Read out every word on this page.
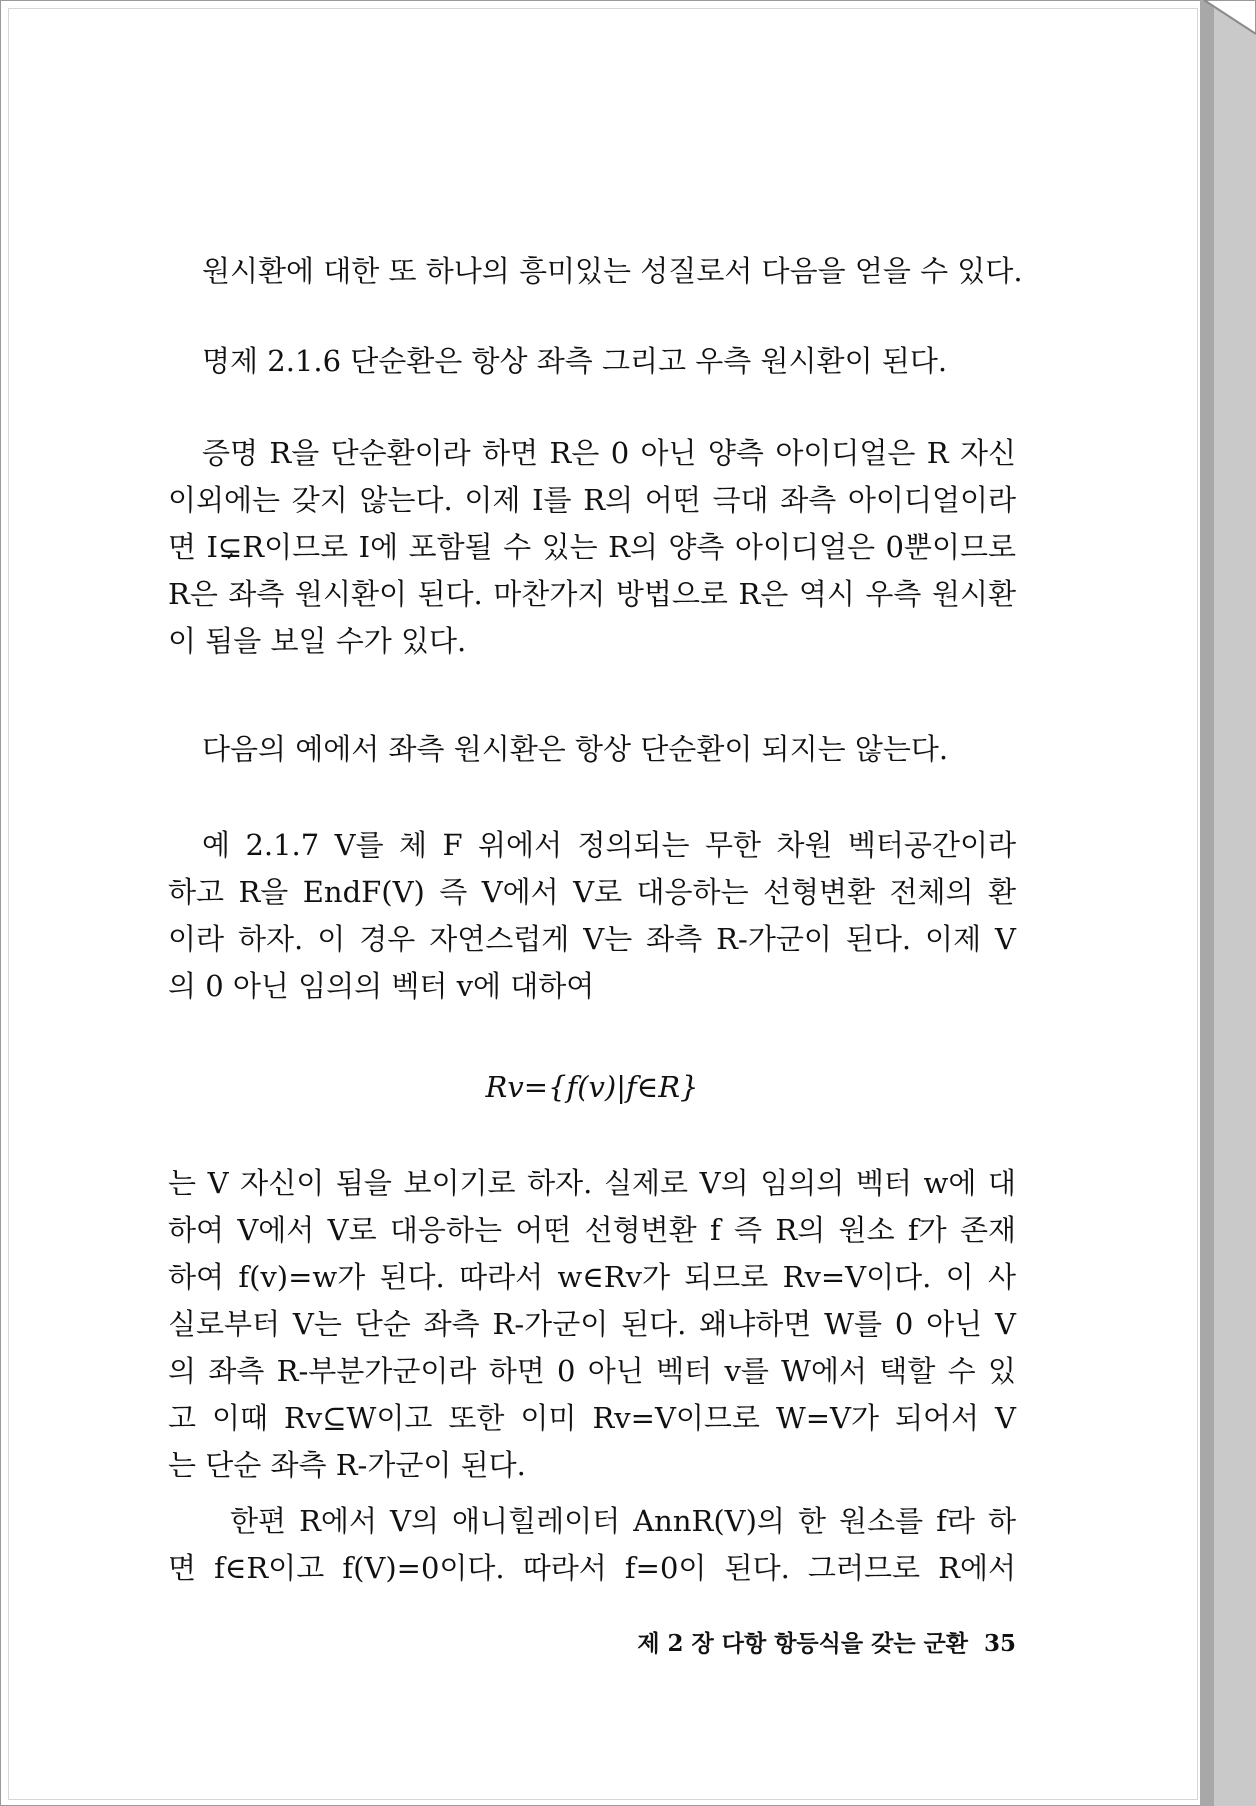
원시환에 대한 또 하나의 흥미있는 성질로서 다음을 얻을 수 있다.
명제 2.1.6 단순환은 항상 좌측 그리고 우측 원시환이 된다.
증명 R을 단순환이라 하면 R은 0 아닌 양측 아이디얼은 R 자신
이외에는 갖지 않는다. 이제 I를 R의 어떤 극대 좌측 아이디얼이라
면 I⊊R이므로 I에 포함될 수 있는 R의 양측 아이디얼은 0뿐이므로
R은 좌측 원시환이 된다. 마찬가지 방법으로 R은 역시 우측 원시환
이 됨을 보일 수가 있다.
다음의 예에서 좌측 원시환은 항상 단순환이 되지는 않는다.
예 2.1.7 V를 체 F 위에서 정의되는 무한 차원 벡터공간이라
하고 R을 EndF(V) 즉 V에서 V로 대응하는 선형변환 전체의 환
이라 하자. 이 경우 자연스럽게 V는 좌측 R-가군이 된다. 이제 V
의 0 아닌 임의의 벡터 v에 대하여
Rv={f(v)|f∈R}
는 V 자신이 됨을 보이기로 하자. 실제로 V의 임의의 벡터 w에 대
하여 V에서 V로 대응하는 어떤 선형변환 f 즉 R의 원소 f가 존재
하여 f(v)=w가 된다. 따라서 w∈Rv가 되므로 Rv=V이다. 이 사
실로부터 V는 단순 좌측 R-가군이 된다. 왜냐하면 W를 0 아닌 V
의 좌측 R-부분가군이라 하면 0 아닌 벡터 v를 W에서 택할 수 있
고 이때 Rv⊆W이고 또한 이미 Rv=V이므로 W=V가 되어서 V
는 단순 좌측 R-가군이 된다.
한편 R에서 V의 애니힐레이터 AnnR(V)의 한 원소를 f라 하
면 f∈R이고 f(V)=0이다. 따라서 f=0이 된다. 그러므로 R에서
제 2 장 다항 항등식을 갖는 군환 35
